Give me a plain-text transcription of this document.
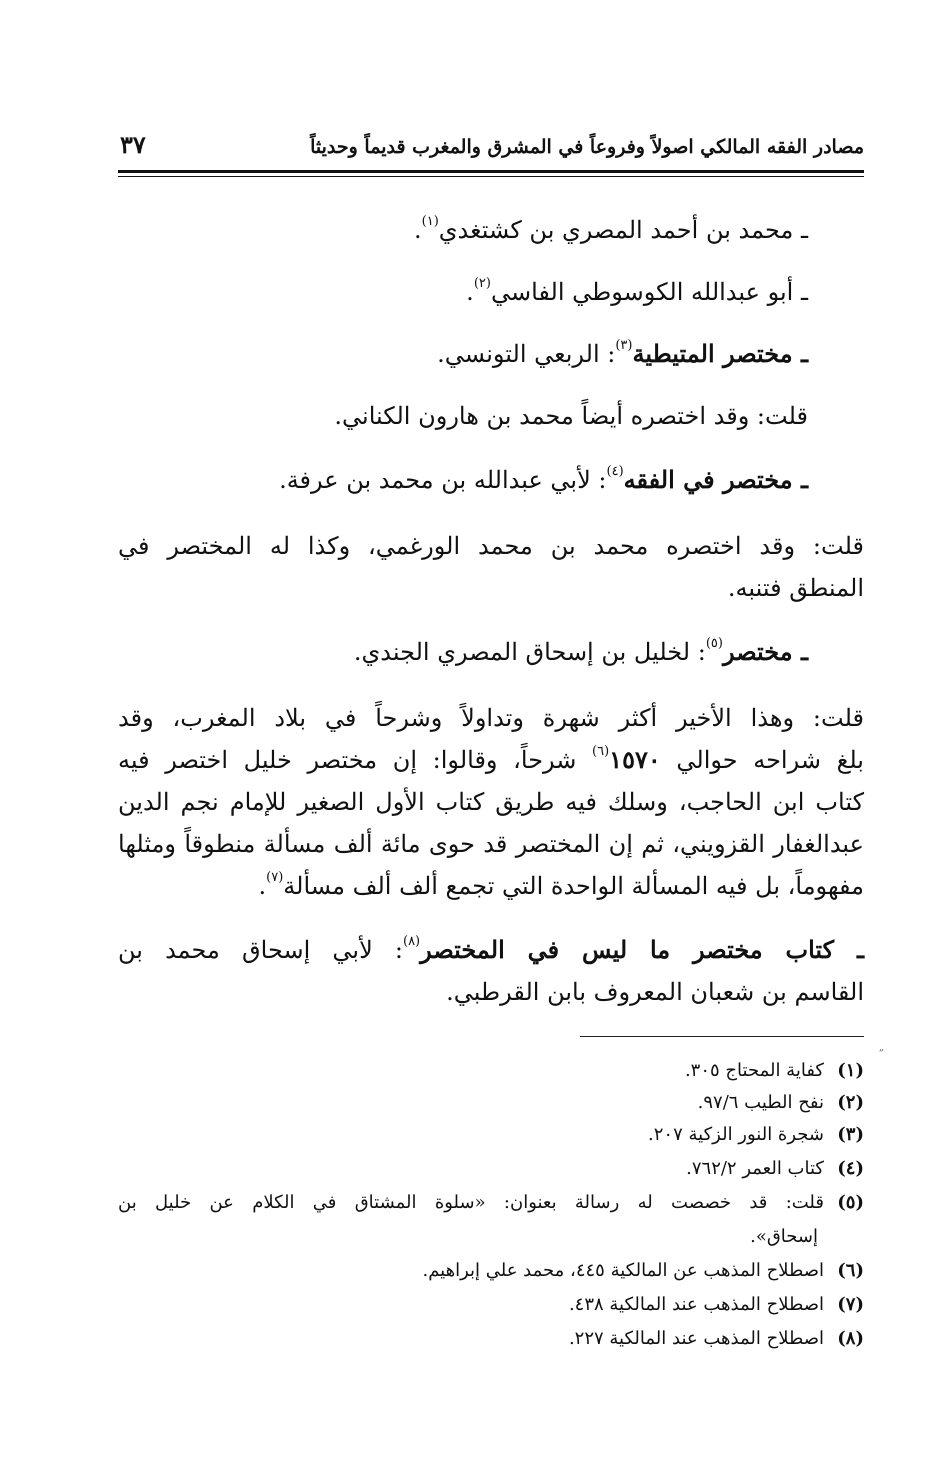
مصادر الفقه المالكي اصولاً وفروعاً في المشرق والمغرب قديماً وحديثاً
٣٧
ـ محمد بن أحمد المصري بن كشتغدي$^{(١)}$.
ـ أبو عبدالله الكوسوطي الفاسي$^{(٢)}$.
ـ مختصر المتيطية$^{(٣)}$: الربعي التونسي.
قلت: وقد اختصره أيضاً محمد بن هارون الكناني.
ـ مختصر في الفقه$^{(٤)}$: لأبي عبدالله بن محمد بن عرفة.
قلت: وقد اختصره محمد بن محمد الورغمي، وكذا له المختصر في
المنطق فتنبه.
ـ مختصر$^{(٥)}$: لخليل بن إسحاق المصري الجندي.
قلت: وهذا الأخير أكثر شهرة وتداولاً وشرحاً في بلاد المغرب، وقد
بلغ شراحه حوالي ١٥٧٠$^{(٦)}$ شرحاً، وقالوا: إن مختصر خليل اختصر فيه
كتاب ابن الحاجب، وسلك فيه طريق كتاب الأول الصغير للإمام نجم الدين
عبدالغفار القزويني، ثم إن المختصر قد حوى مائة ألف مسألة منطوقاً ومثلها
مفهوماً، بل فيه المسألة الواحدة التي تجمع ألف ألف مسألة$^{(٧)}$.
ـ كتاب مختصر ما ليس في المختصر$^{(٨)}$: لأبي إسحاق محمد بن
القاسم بن شعبان المعروف بابن القرطبي.
˝
(١)كفاية المحتاج ٣٠٥.
(٢)نفح الطيب ٩٧/٦.
(٣)شجرة النور الزكية ٢٠٧.
(٤)كتاب العمر ٧٦٢/٢.
(٥)قلت: قد خصصت له رسالة بعنوان: «سلوة المشتاق في الكلام عن خليل بن
إسحاق».
(٦)اصطلاح المذهب عن المالكية ٤٤٥، محمد علي إبراهيم.
(٧)اصطلاح المذهب عند المالكية ٤٣٨.
(٨)اصطلاح المذهب عند المالكية ٢٢٧.
